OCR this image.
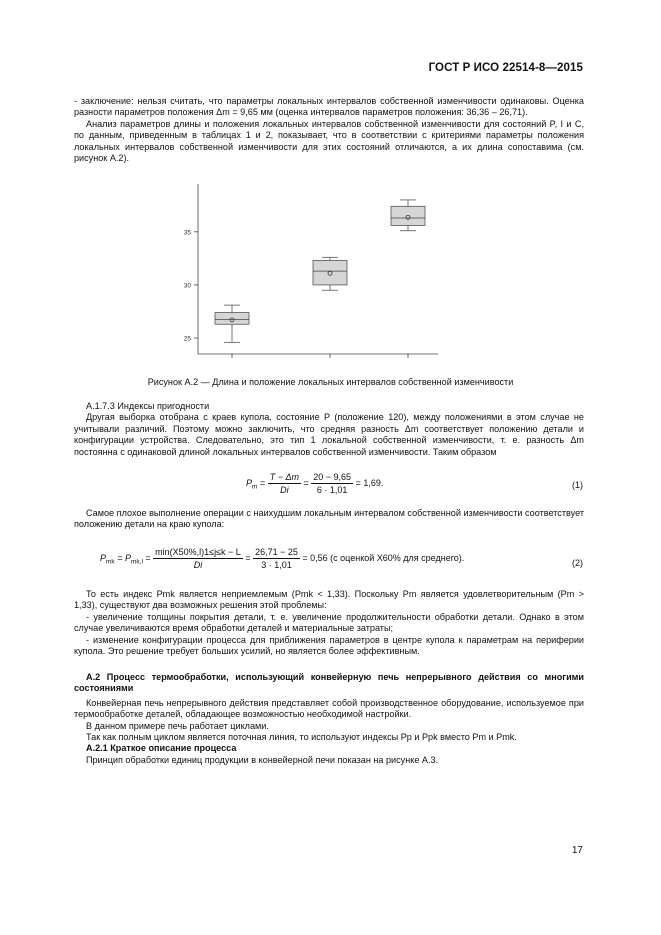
ГОСТ Р ИСО 22514-8—2015

- заключение: нельзя считать, что параметры локальных интервалов собственной изменчивости одинаковы. Оценка разности параметров положения Δm = 9,65 мм (оценка интервалов параметров положения: 36,36 – 26,71).

Анализ параметров длины и положения локальных интервалов собственной изменчивости для состояний P, I и C, по данным, приведенным в таблицах 1 и 2, показывает, что в соответствии с критериями параметры положения локальных интервалов собственной изменчивости для этих состояний отличаются, а их длина сопоставима (см. рисунок А.2).

25
30
35
Рисунок А.2 — Длина и положение локальных интервалов собственной изменчивости

А.1.7.3 Индексы пригодности

Другая выборка отобрана с краев купола, состояние P (положение 120), между положениями в этом случае не учитывали различий. Поэтому можно заключить, что средняя разность Δm соответствует положению детали и конфигурации устройства. Следовательно, это тип 1 локальной собственной изменчивости, т. е. разность Δm постоянна с одинаковой длиной локальных интервалов собственной изменчивости. Таким образом

$P_m = \frac{T - \Delta m}{Di} = \frac{20 - 9,65}{6 \cdot 1,01} = 1,69$.	(1)

Самое плохое выполнение операции с наихудшим локальным интервалом собственной изменчивости соответствует положению детали на краю купола:

$P_{mk} = P_{mk,l} = \frac{\min(X50\%,l)1\le j\le k - L}{Di} = \frac{26,71 - 25}{3 \cdot 1,01} = 0,56$ (с оценкой X60% для среднего).
(2)

То есть индекс Pmk является неприемлемым (Pmk < 1,33). Поскольку Pm является удовлетворительным (Pm > 1,33), существуют два возможных решения этой проблемы:

- увеличение толщины покрытия детали, т. е. увеличение продолжительности обработки детали. Однако в этом случае увеличиваются время обработки деталей и материальные затраты;

- изменение конфигурации процесса для приближения параметров в центре купола к параметрам на периферии купола. Это решение требует больших усилий, но является более эффективным.

А.2 Процесс термообработки, использующий конвейерную печь непрерывного действия со многими состояниями

Конвейерная печь непрерывного действия представляет собой производственное оборудование, используемое при термообработке деталей, обладающее возможностью необходимой настройки.

В данном примере печь работает циклами.

Так как полным циклом является поточная линия, то используют индексы Pp и Ppk вместо Pm и Pmk.

А.2.1 Краткое описание процесса

Принцип обработки единиц продукции в конвейерной печи показан на рисунке А.3.

17
